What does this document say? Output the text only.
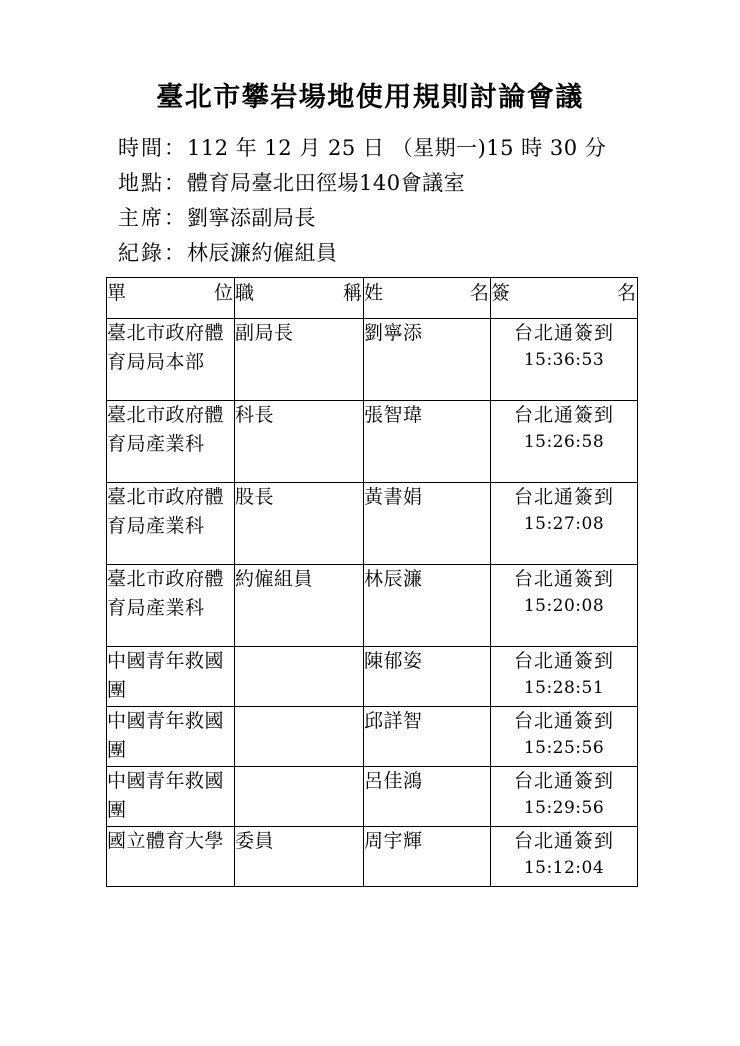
臺北市攀岩場地使用規則討論會議
時間：112 年 12 月 25 日 （星期一)15 時 30 分
地點：體育局臺北田徑場140會議室
主席：劉寧添副局長
紀錄：林辰濂約僱組員
單 位	職 稱	姓 名	簽 名

臺北市政府體育局局本部	副局長	劉寧添	台北通簽到
15:36:53

臺北市政府體育局產業科	科長	張智瑋	台北通簽到
15:26:58

臺北市政府體育局產業科	股長	黃書娟	台北通簽到
15:27:08

臺北市政府體育局產業科	約僱組員	林辰濂	台北通簽到
15:20:08

中國青年救國團		陳郁姿	台北通簽到
15:28:51

中國青年救國團		邱詳智	台北通簽到
15:25:56

中國青年救國團		呂佳鴻	台北通簽到
15:29:56

國立體育大學	委員	周宇輝	台北通簽到
15:12:04
